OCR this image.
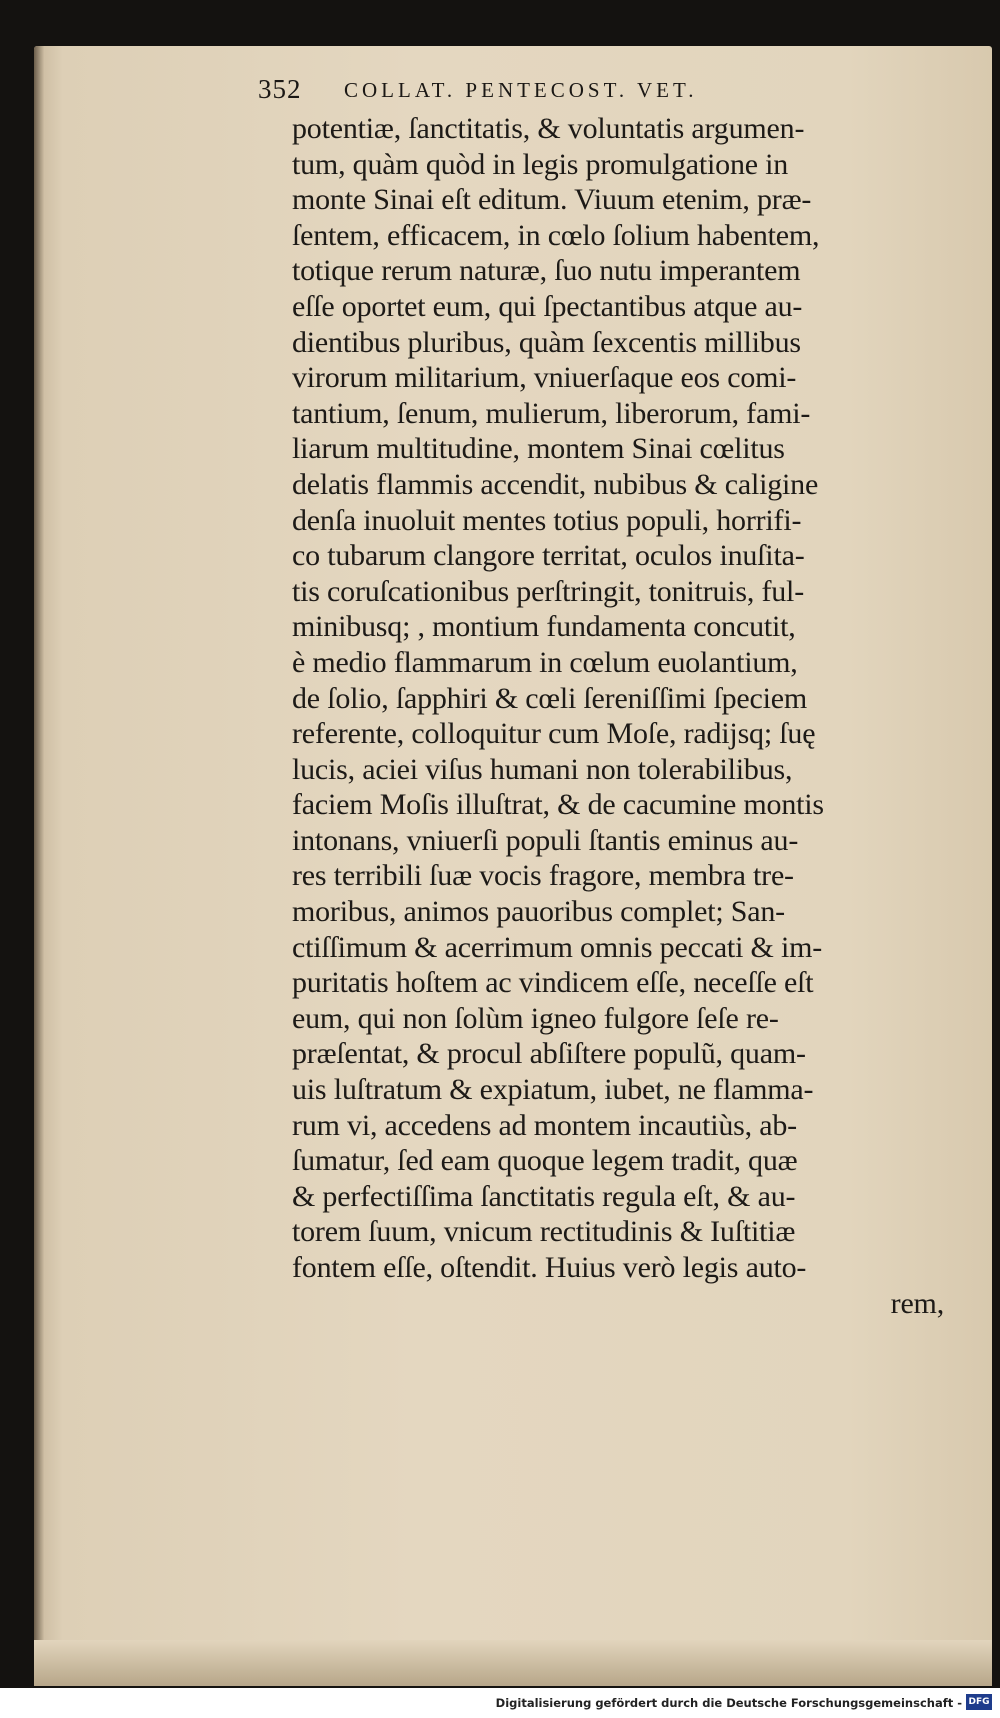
352 COLLAT. PENTECOST. VET.
potentiæ, ſanctitatis, & voluntatis argumen-
tum, quàm quòd in legis promulgatione in
monte Sinai eſt editum. Viuum etenim, præ-
ſentem, efficacem, in cœlo ſolium habentem,
totique rerum naturæ, ſuo nutu imperantem
eſſe oportet eum, qui ſpectantibus atque au-
dientibus pluribus, quàm ſexcentis millibus
virorum militarium, vniuerſaque eos comi-
tantium, ſenum, mulierum, liberorum, fami-
liarum multitudine, montem Sinai cœlitus
delatis flammis accendit, nubibus & caligine
denſa inuoluit mentes totius populi, horrifi-
co tubarum clangore territat, oculos inuſita-
tis coruſcationibus perſtringit, tonitruis, ful-
minibusq; , montium fundamenta concutit,
è medio flammarum in cœlum euolantium,
de ſolio, ſapphiri & cœli ſereniſſimi ſpeciem
referente, colloquitur cum Moſe, radijsq; ſuę
lucis, aciei viſus humani non tolerabilibus,
faciem Moſis illuſtrat, & de cacumine montis
intonans, vniuerſi populi ſtantis eminus au-
res terribili ſuæ vocis fragore, membra tre-
moribus, animos pauoribus complet; San-
ctiſſimum & acerrimum omnis peccati & im-
puritatis hoſtem ac vindicem eſſe, neceſſe eſt
eum, qui non ſolùm igneo fulgore ſeſe re-
præſentat, & procul abſiſtere populũ, quam-
uis luſtratum & expiatum, iubet, ne flamma-
rum vi, accedens ad montem incautiùs, ab-
ſumatur, ſed eam quoque legem tradit, quæ
& perfectiſſima ſanctitatis regula eſt, & au-
torem ſuum, vnicum rectitudinis & Iuſtitiæ
fontem eſſe, oſtendit. Huius verò legis auto-
rem,
Digitalisierung gefördert durch die Deutsche Forschungsgemeinschaft - DFG
